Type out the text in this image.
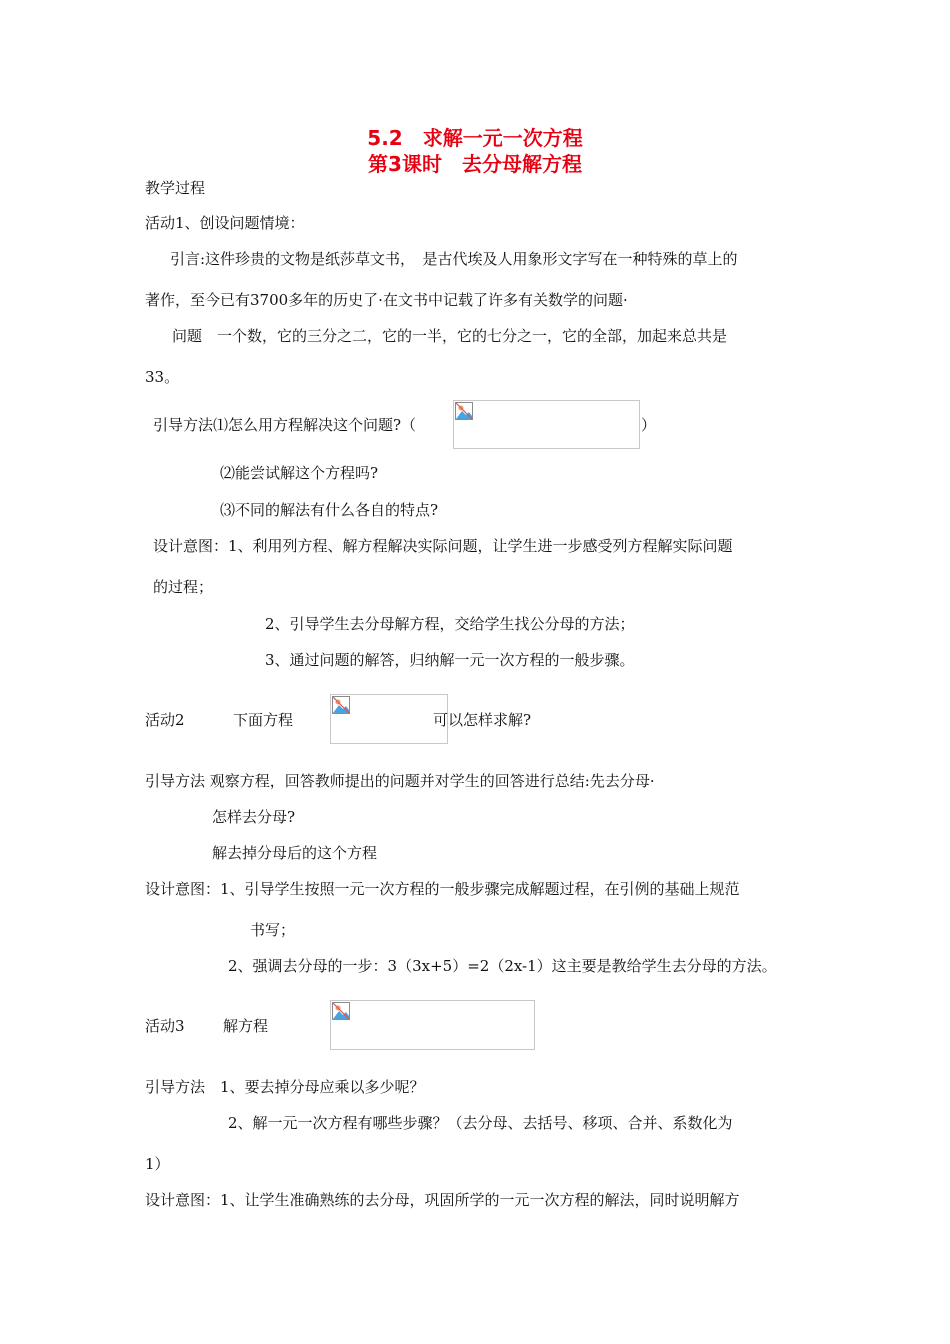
5.2　求解一元一次方程
第3课时　去分母解方程
教学过程
活动1、创设问题情境：
引言:这件珍贵的文物是纸莎草文书，　是古代埃及人用象形文字写在一种特殊的草上的
著作，至今已有3700多年的历史了·在文书中记载了许多有关数学的问题·
问题　一个数，它的三分之二，它的一半，它的七分之一，它的全部，加起来总共是
33。
引导方法⑴怎么用方程解决这个问题?（	）
⑵能尝试解这个方程吗?
⑶不同的解法有什么各自的特点?
设计意图：1、利用列方程、解方程解决实际问题，让学生进一步感受列方程解实际问题
的过程；
2、引导学生去分母解方程，交给学生找公分母的方法；
3、通过问题的解答，归纳解一元一次方程的一般步骤。
活动2	下面方程	可以怎样求解?
引导方法 观察方程，回答教师提出的问题并对学生的回答进行总结:先去分母·
怎样去分母?
解去掉分母后的这个方程
设计意图：1、引导学生按照一元一次方程的一般步骤完成解题过程，在引例的基础上规范
书写；
2、强调去分母的一步：3（3x+5）=2（2x-1）这主要是教给学生去分母的方法。
活动3	解方程
引导方法　1、要去掉分母应乘以多少呢？
2、解一元一次方程有哪些步骤？（去分母、去括号、移项、合并、系数化为
1）
设计意图：1、让学生准确熟练的去分母，巩固所学的一元一次方程的解法，同时说明解方
